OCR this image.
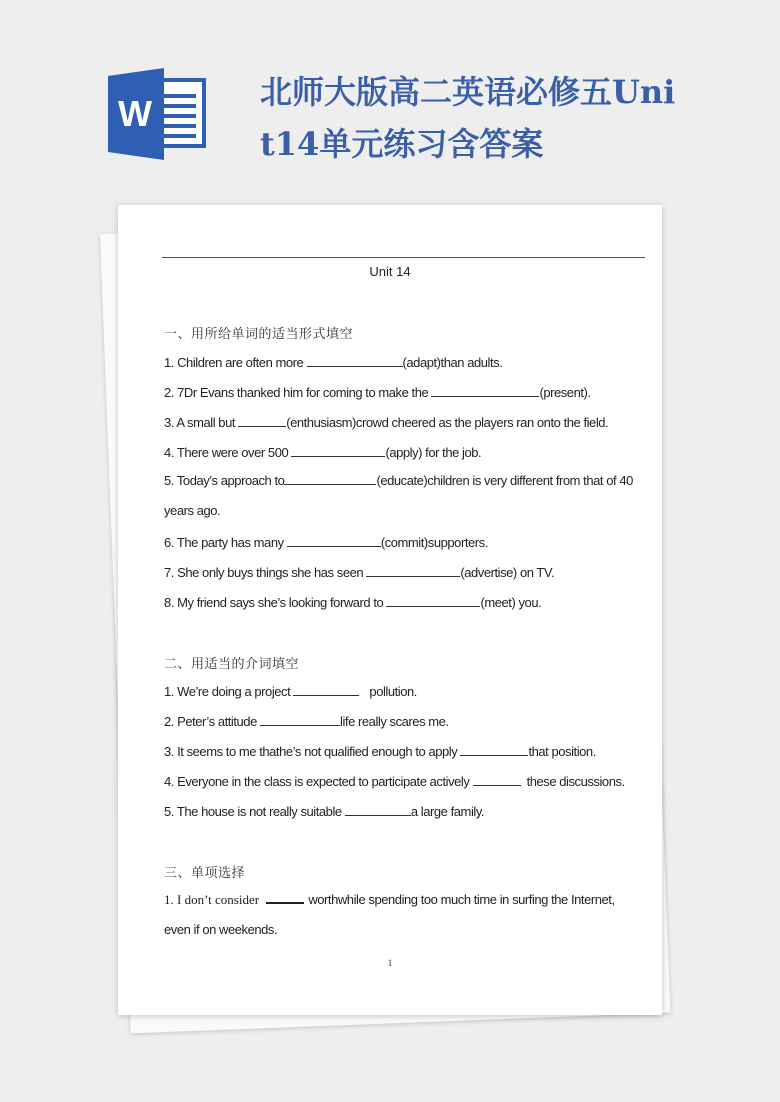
W
北师大版高二英语必修五Unit14单元练习含答案
Unit 14
一、用所给单词的适当形式填空
1. Children are often more	(adapt)than adults.
2. 7Dr Evans thanked him for coming to make the	(present).
3. A small but	(enthusiasm)crowd cheered as the players ran onto the field.
4. There were over 500	(apply) for the job.
5. Today’s approach to	(educate)children is very different from that of 40 years ago.
6. The party has many	(commit)supporters.
7. She only buys things she has seen	(advertise) on TV.
8. My friend says she’s looking forward to	(meet) you.
二、用适当的介词填空
1. We’re doing a project	pollution.
2. Peter’s attitude	life really scares me.
3. It seems to me thathe’s not qualified enough to apply	that position.
4. Everyone in the class is expected to participate actively	these discussions.
5. The house is not really suitable	a large family.
三、单项选择
1. I don’t consider	worthwhile spending too much time in surfing the Internet, even if on weekends.
1
